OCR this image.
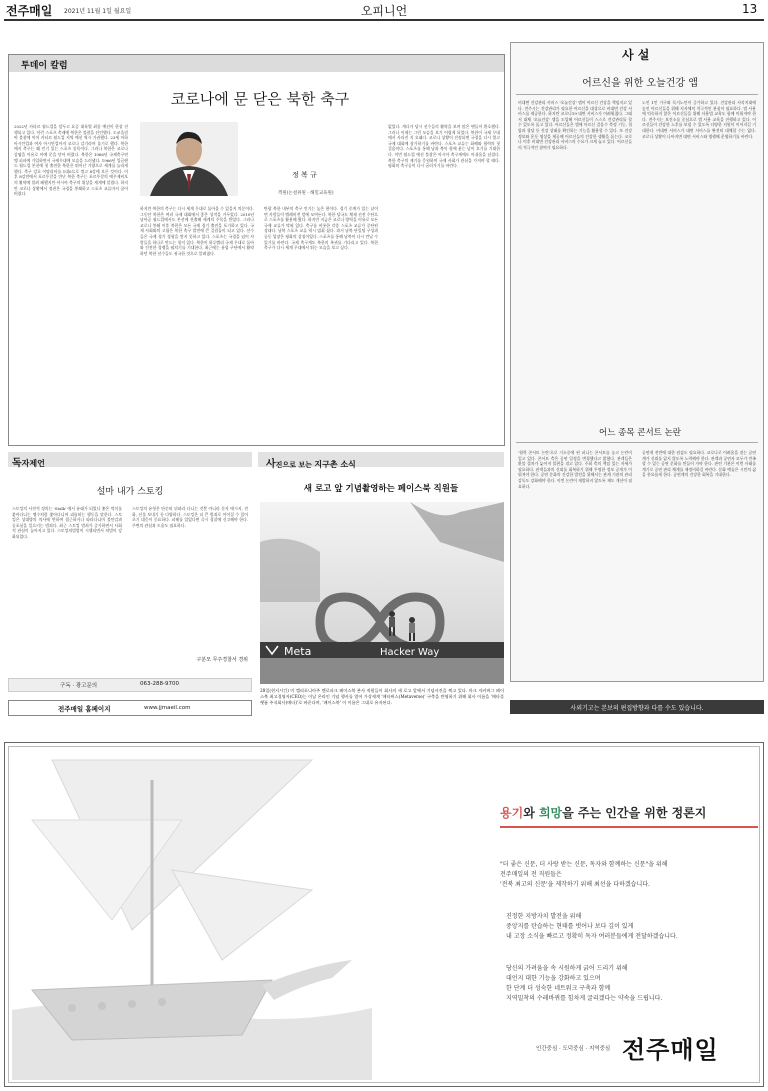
전주매일 2021년 11월 1일 월요일	오피니언	13
투데이 칼럼
코로나에 문 닫은 북한 축구
2022년 카타르 월드컵을 앞두고 요즘 대륙별 최종 예선이 한창 진행되고 있다. 이런 스포츠 축제에 북한은 불참을 선언했다. 도쿄올림픽 불참에 이어 카타르 월드컵 지역 예선 역시 기권했다. 23세 이하 아시안컵과 여자 아시안컵까지 코로나 감기라며 물기로 했다. 북한에서 축구는 왜 인기 있는 스포츠 종목이다. 그러나 북한은 코로나 감염을 이유로 아예 문을 닫아 버렸다. 북한은 1966년 국제축구연맹 피파에 가입하면서 국제무대에 모습을 드러냈다. 1966년 잉글랜드 월드컵 본선에 첫 출전한 북한은 뛰어난 기량으로 세계를 놀라게 했다. 축구 강호 이탈리아를 1대0으로 꺾고 8강에 오른 것이다. 이후 8강전에서 포르투갈을 만난 북한 축구는 포르투갈의 에우제비오의 활약에 밀려 패했지만 아시아 축구의 위상을 세계에 알렸다. 하지만 코로나 상황에서 정권은 국경을 봉쇄하고 스포츠 교류마저 끊어 버렸다.
정 복 규
객원(논설위원 · 해밀교육원)
하지만 북한의 축구는 다시 세계 무대로 돌아올 수 있을지 의문이다. 그동안 북한은 여러 국제 대회에서 좋은 성적을 거두었다. 2010년 남아공 월드컵에서도 본선에 진출해 세계의 주목을 받았다. 그러나 코로나 봉쇄 이후 북한은 모든 국제 경기 출전을 포기하고 있다. 국제 사회와의 고립은 북한 축구 발전에 큰 걸림돌이 되고 있다. 선수들은 국제 경기 경험을 쌓지 못하고 있다. 스포츠는 국경을 넘어 사람들을 하나로 만드는 힘이 있다. 북한이 하루빨리 국제 무대로 돌아와 건전한 경쟁을 펼치기를 기대한다. 최근에는 유럽 구단에서 활약하던 북한 선수들도 귀국한 것으로 알려졌다.
탄광 북한 내부의 축구 인기는 높은 편이다. 경기 중계가 있는 날이면 사람들이 텔레비전 앞에 모여든다. 북한 당국도 체제 선전 수단으로 스포츠를 활용해 왔다. 하지만 지금은 코로나 방역을 이유로 모든 국제 교류가 막혀 있다. 축구를 비롯한 각종 스포츠 교류가 중단된 상태다. 남북 스포츠 교류 역시 멈춰 섰다. 과거 남북 단일팀 구성과 공동 입장은 평화의 상징이었다. 스포츠를 통해 남북이 다시 만날 수 있기를 바란다. 국제 축구계도 북한의 복귀를 기다리고 있다. 북한 축구가 다시 세계 무대에서 뛰는 모습을 보고 싶다.
없었다. 게다가 당시 선수들의 활약을 보며 많은 팬들이 환호했다. 그러나 이제는 그런 모습을 보기 어렵게 되었다. 북한이 국제 무대에서 사라진 지 오래다. 코로나 상황이 진정되면 국경을 다시 열고 국제 대회에 참가하기를 바란다. 스포츠 교류는 화해와 협력의 첫걸음이다. 스포츠를 통해 남과 북이 함께 웃는 날이 오기를 기대한다. 이번 월드컵 예선 불참은 아시아 축구계에도 아쉬움을 남겼다. 북한 축구의 재기를 응원하며 국제 사회가 관심을 가져야 할 때다. 평화의 축구공이 다시 굴러가기를 바란다.
사 설
어르신을 위한 오늘건강 앱
비대면 건강관리 서비스 '오늘건강' 앱이 어르신 건강을 책임지고 있다. 전주시는 건강관리가 필요한 어르신을 대상으로 비대면 건강 서비스를 제공한다. 하지만 코로나19 대면 서비스가 어려워졌다. 그래서 대체 '오늘건강' 앱을 도입해 어르신들이 스스로 건강관리를 할 수 있도록 돕고 있다. 어르신들은 앱에 어르신 걸음수 측정 기능, 혈압과 혈당 등 건강 상태를 확인하는 기능을 활용할 수 있다. 또 건강 정보와 운동 영상을 제공해 어르신들의 건강한 생활을 돕는다. 코로나 이후 비대면 건강관리 서비스의 수요가 크게 늘고 있다. 어르신들의 적극적인 참여가 필요하다.
노인 1인 가구와 독거노인이 증가하고 있다. 건강관리 사각지대에 놓인 어르신들을 위해 지자체의 적극적인 관심이 필요하다. 앱 사용에 익숙하지 않은 어르신들을 위해 사용법 교육도 함께 이뤄져야 한다. 전주시는 보건소를 중심으로 앱 사용 교육을 진행하고 있다. 어르신들이 건강한 노후를 보낼 수 있도록 다양한 지원이 이어지길 기대한다. 비대면 서비스가 대면 서비스를 완전히 대체할 수는 없다. 코로나 상황이 나아지면 대면 서비스와 병행해 운영하기를 바란다.
어느 종목 콘서트 논란
'협력 콘서트 논란'으로 기소중에 된 퍼니는 콘서트를 놓고 논란이 일고 있다. 콘서트 측은 공연 일정을 변경했다고 밝혔다. 관객들은 환불 절차가 늦어져 불편을 겪고 있다. 주최 측의 책임 있는 자세가 필요하다. 관객들과의 신뢰를 회복하기 위해 투명한 정보 공개가 이뤄져야 한다. 공연 문화의 건강한 발전을 위해서는 관계 기관의 관리 감독도 강화해야 한다. 이번 논란이 재발하지 않도록 제도 개선이 필요하다.
공연계 전반에 대한 점검도 필요하다. 코로나로 어려움을 겪는 공연계가 신뢰를 잃지 않도록 노력해야 한다. 관객과 공연자 모두가 만족할 수 있는 공연 문화를 만들어 가야 한다. 관련 기관은 이번 사태를 계기로 공연 관리 체계를 재정비하길 바란다. 문화 예술은 시민의 삶을 풍요롭게 한다. 공연계의 건강한 회복을 기대한다.
사외기고는 본보의 편집방향과 다를 수도 있습니다.
독자제언
설마 내가 스토킹
스토킹의 사전적 정의는 'Stalk' 에서 유래가 되었다 좇은 먹이를 쫓아다니는 맹수처럼 쫓아다니며 괴롭히는 행동을 말한다. 스토킹은 상대방의 의사에 반하여 접근하거나 따라다니며 불안감과 공포심을 일으키는 범죄다. 최근 스토킹 범죄가 증가하면서 사회적 관심이 높아지고 있다. 스토킹처벌법이 시행되면서 처벌이 강화되었다.
스토킹의 유형은 단순히 뒤따라 다니는 것뿐 아니라 문자 메시지, 전화, 선물 보내기 등 다양하다. 스토킹은 더 큰 범죄로 이어질 수 있어 초기 대응이 중요하다. 피해를 입었다면 즉시 경찰에 신고해야 한다. 주변의 관심과 도움도 필요하다.
구분모 무주경찰서 경위
사진으로 보는 지구촌 소식
새 로고 앞 기념촬영하는 페이스북 직원들
Meta	Hacker Way
28일(현지시간) 미 캘리포니아주 멘로파크 페이스북 본사 직원들이 회사의 새 로고 앞에서 기념사진을 찍고 있다. 마크 저커버그 페이스북 최고경영자(CEO)는 이날 온라인 기념 행사를 열어 가상세계 '메타버스(Metaverse)' 구축을 반영하기 위해 회사 이름을 '메타플랫폼 주식회사(메타)'로 바꾼다며, '페이스북' 이 이름은 그대로 유지된다.
구독 · 광고문의	063-288-9700
전주매일 홈페이지	www.jjmaeil.com
용기와 희망을 주는 인간을 위한 정론지
"더 좋은 신문, 더 사랑 받는 신문, 독자와 함께하는 신문"을 위해
전주매일의 전 직원들은
'전북 최고의 신문'을 제작하기 위해 최선을 다하겠습니다.
진정한 지방자치 발전을 위해
중앙지를 탄습하는 현태를 벗어나 보다 깊이 있게
내 고장 소식을 빠르고 정확히 독자 여러분들에게 전달하겠습니다.
당신의 가려움을 속 시원하게 긁어 드리기 위해
대언지 대한 기능을 강화하고 있으며
한 단계 더 성숙한 네트워크 구축과 함께
지역밀착의 수레바퀴를 힘차게 굴리겠다는 약속을 드립니다.
인간중심 · 도덕중심 · 지역중심 전주매일
